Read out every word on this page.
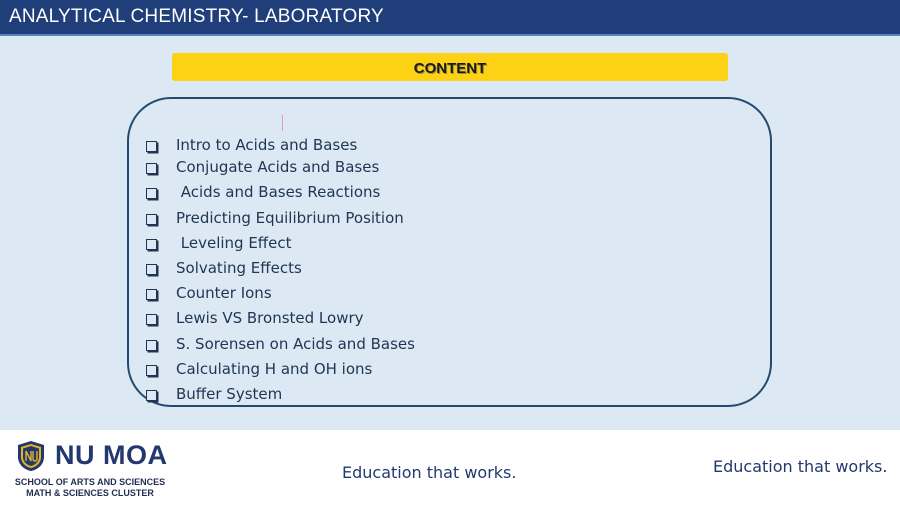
ANALYTICAL CHEMISTRY- LABORATORY
CONTENT
Intro to Acids and Bases
Conjugate Acids and Bases
Acids and Bases Reactions
Predicting Equilibrium Position
Leveling Effect
Solvating Effects
Counter Ions
Lewis VS Bronsted Lowry
S. Sorensen on Acids and Bases
Calculating H and OH ions
Buffer System
NU MOA
SCHOOL OF ARTS AND SCIENCES
MATH & SCIENCES CLUSTER
Education that works.	Education that works.
